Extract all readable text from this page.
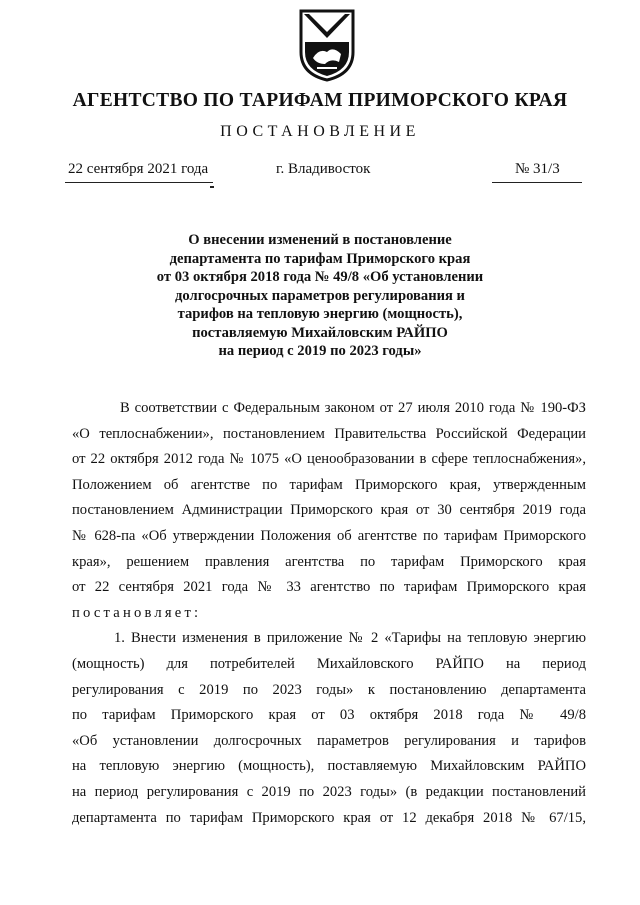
АГЕНТСТВО ПО ТАРИФАМ ПРИМОРСКОГО КРАЯ
ПОСТАНОВЛЕНИЕ
22 сентября 2021 года	г. Владивосток	№ 31/3
О внесении изменений в постановление
департамента по тарифам Приморского края
от 03 октября 2018 года № 49/8 «Об установлении
долгосрочных параметров регулирования и
тарифов на тепловую энергию (мощность),
поставляемую Михайловским РАЙПО
на период с 2019 по 2023 годы»
В соответствии с Федеральным законом от 27 июля 2010 года № 190-ФЗ
«О теплоснабжении», постановлением Правительства Российской Федерации
от 22 октября 2012 года № 1075 «О ценообразовании в сфере теплоснабжения»,
Положением об агентстве по тарифам Приморского края, утвержденным
постановлением Администрации Приморского края от 30 сентября 2019 года
№ 628-па «Об утверждении Положения об агентстве по тарифам Приморского
края», решением правления агентства по тарифам Приморского края
от 22 сентября 2021 года № 33 агентство по тарифам Приморского края
постановляет:
1. Внести изменения в приложение № 2 «Тарифы на тепловую энергию
(мощность) для потребителей Михайловского РАЙПО на период
регулирования с 2019 по 2023 годы» к постановлению департамента
по тарифам Приморского края от 03 октября 2018 года № 49/8
«Об установлении долгосрочных параметров регулирования и тарифов
на тепловую энергию (мощность), поставляемую Михайловским РАЙПО
на период регулирования с 2019 по 2023 годы» (в редакции постановлений
департамента по тарифам Приморского края от 12 декабря 2018 № 67/15,
